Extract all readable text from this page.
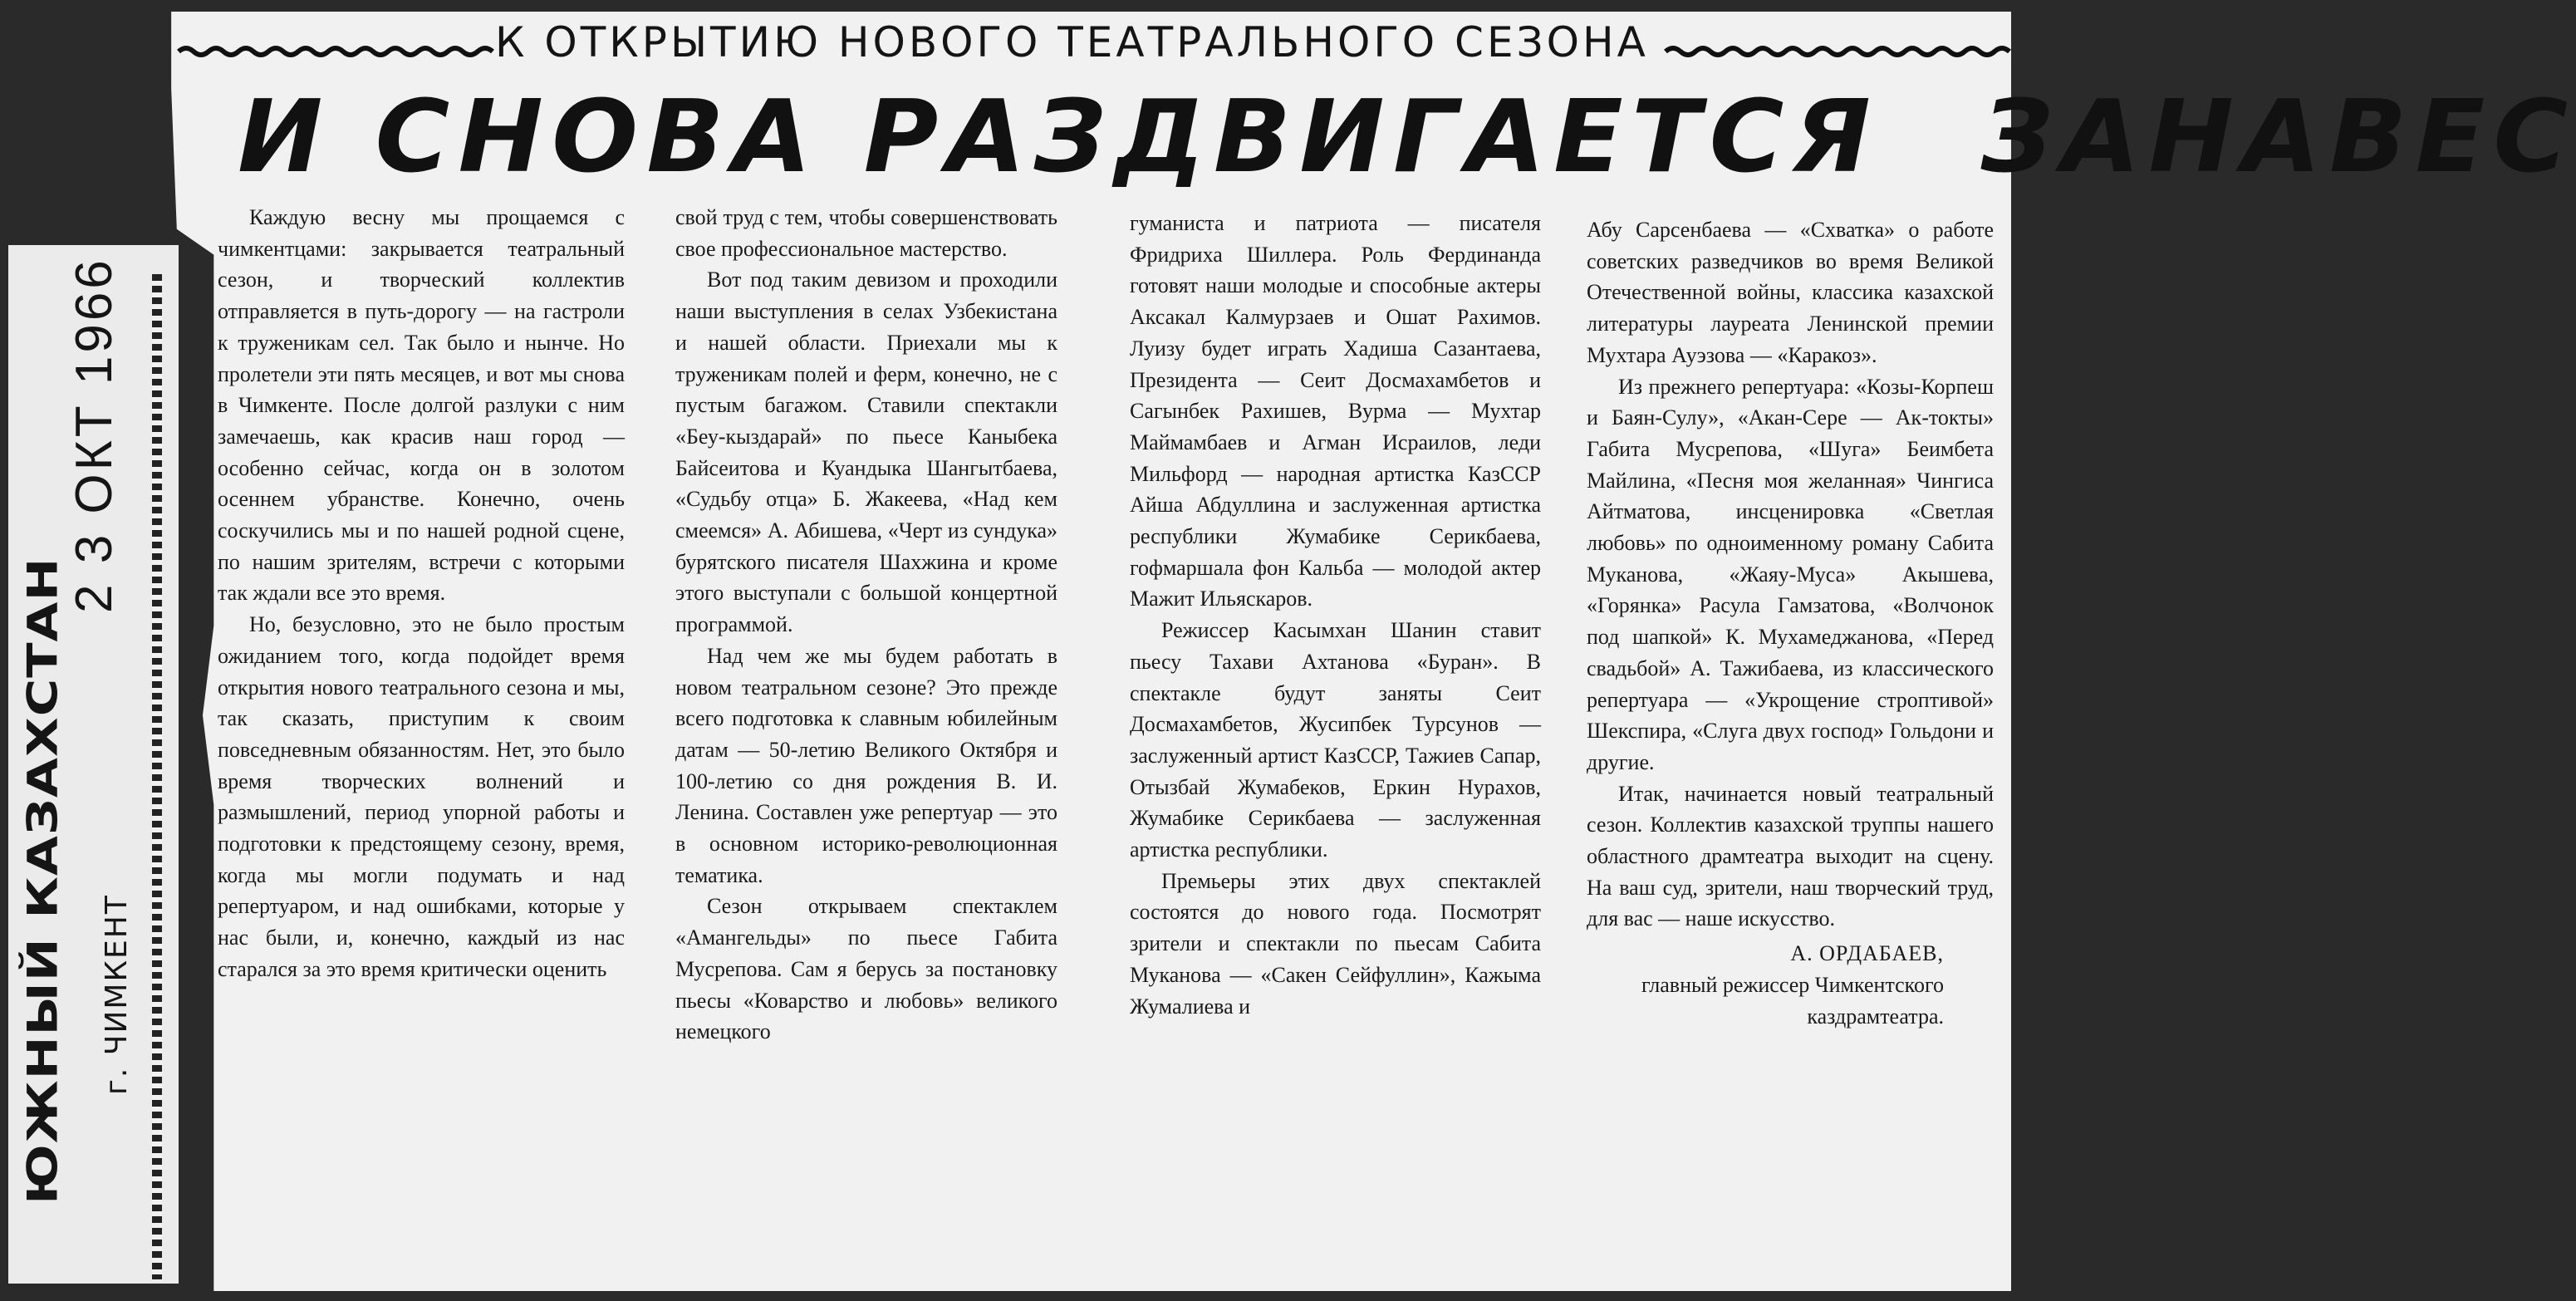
2 3 ОКТ 1966
ЮЖНЫЙ КАЗАХСТАН г. ЧИМКЕНТ
К ОТКРЫТИЮ НОВОГО ТЕАТРАЛЬНОГО СЕЗОНА
И СНОВА РАЗДВИГАЕТСЯ ЗАНАВЕС

Каждую весну мы прощаемся с чимкентцами: закрывается театральный сезон, и творческий коллектив отправляется в путь-дорогу — на гастроли к труженикам сел. Так было и нынче. Но пролетели эти пять месяцев, и вот мы снова в Чимкенте. После долгой разлуки с ним замечаешь, как красив наш город — особенно сейчас, когда он в золотом осеннем убранстве. Конечно, очень соскучились мы и по нашей родной сцене, по нашим зрителям, встречи с которыми так ждали все это время.

Но, безусловно, это не было простым ожиданием того, когда подойдет время открытия нового театрального сезона и мы, так сказать, приступим к своим повседневным обязанностям. Нет, это было время творческих волнений и размышлений, период упорной работы и подготовки к предстоящему сезону, время, когда мы могли подумать и над репертуаром, и над ошибками, которые у нас были, и, конечно, каждый из нас старался за это время критически оценить

свой труд с тем, чтобы совершенствовать свое профессиональное мастерство.

Вот под таким девизом и проходили наши выступления в селах Узбекистана и нашей области. Приехали мы к труженикам полей и ферм, конечно, не с пустым багажом. Ставили спектакли «Беу-кыздарай» по пьесе Каныбека Байсеитова и Куандыка Шангытбаева, «Судьбу отца» Б. Жакеева, «Над кем смеемся» А. Абишева, «Черт из сундука» бурятского писателя Шахжина и кроме этого выступали с большой концертной программой.

Над чем же мы будем работать в новом театральном сезоне? Это прежде всего подготовка к славным юбилейным датам — 50-летию Великого Октября и 100-летию со дня рождения В. И. Ленина. Составлен уже репертуар — это в основном историко-революционная тематика.

Сезон открываем спектаклем «Амангельды» по пьесе Габита Мусрепова. Сам я берусь за постановку пьесы «Коварство и любовь» великого немецкого

гуманиста и патриота — писателя Фридриха Шиллера. Роль Фердинанда готовят наши молодые и способные актеры Аксакал Калмурзаев и Ошат Рахимов. Луизу будет играть Хадиша Сазантаева, Президента — Сеит Досмахамбетов и Сагынбек Рахишев, Вурма — Мухтар Маймамбаев и Агман Исраилов, леди Мильфорд — народная артистка КазССР Айша Абдуллина и заслуженная артистка республики Жумабике Серикбаева, гофмаршала фон Кальба — молодой актер Мажит Ильяскаров.

Режиссер Касымхан Шанин ставит пьесу Тахави Ахтанова «Буран». В спектакле будут заняты Сеит Досмахамбетов, Жусипбек Турсунов — заслуженный артист КазССР, Тажиев Сапар, Отызбай Жумабеков, Еркин Нурахов, Жумабике Серикбаева — заслуженная артистка республики.

Премьеры этих двух спектаклей состоятся до нового года. Посмотрят зрители и спектакли по пьесам Сабита Муканова — «Сакен Сейфуллин», Кажыма Жумалиева и

Абу Сарсенбаева — «Схватка» о работе советских разведчиков во время Великой Отечественной войны, классика казахской литературы лауреата Ленинской премии Мухтара Ауэзова — «Каракоз».

Из прежнего репертуара: «Козы-Корпеш и Баян-Сулу», «Акан-Сере — Ак-токты» Габита Мусрепова, «Шуга» Беимбета Майлина, «Песня моя желанная» Чингиса Айтматова, инсценировка «Светлая любовь» по одноименному роману Сабита Муканова, «Жаяу-Муса» Акышева, «Горянка» Расула Гамзатова, «Волчонок под шапкой» К. Мухамеджанова, «Перед свадьбой» А. Тажибаева, из классического репертуара — «Укрощение строптивой» Шекспира, «Слуга двух господ» Гольдони и другие.

Итак, начинается новый театральный сезон. Коллектив казахской труппы нашего областного драмтеатра выходит на сцену. На ваш суд, зрители, наш творческий труд, для вас — наше искусство.

А. ОРДАБАЕВ,
главный режиссер Чимкентского каздрамтеатра.
